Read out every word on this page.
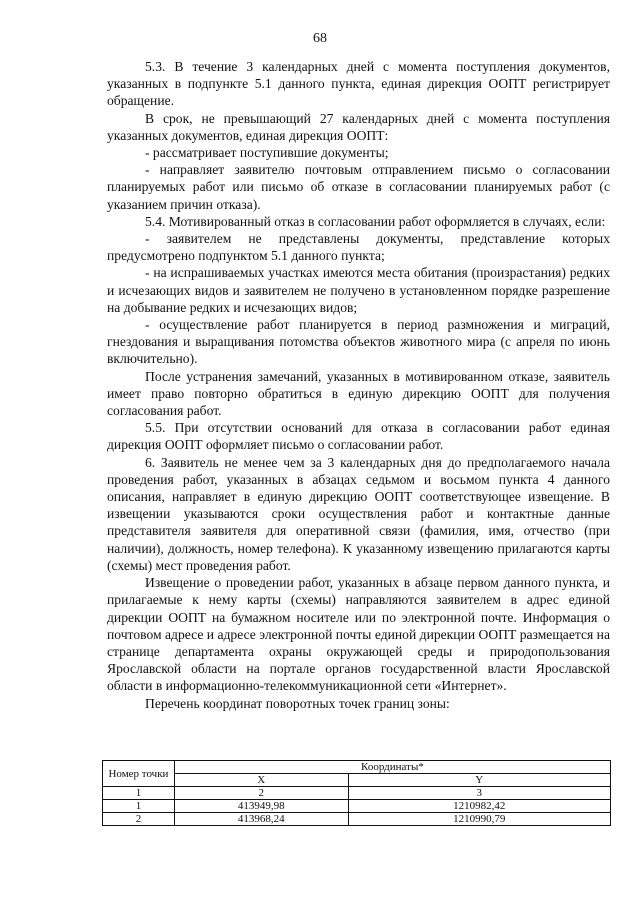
68

5.3. В течение 3 календарных дней с момента поступления документов, указанных в подпункте 5.1 данного пункта, единая дирекция ООПТ регистрирует обращение.

В срок, не превышающий 27 календарных дней с момента поступления указанных документов, единая дирекция ООПТ:

- рассматривает поступившие документы;

- направляет заявителю почтовым отправлением письмо о согласовании планируемых работ или письмо об отказе в согласовании планируемых работ (с указанием причин отказа).

5.4. Мотивированный отказ в согласовании работ оформляется в случаях, если:

- заявителем не представлены документы, представление которых предусмотрено подпунктом 5.1 данного пункта;

- на испрашиваемых участках имеются места обитания (произрастания) редких и исчезающих видов и заявителем не получено в установленном порядке разрешение на добывание редких и исчезающих видов;

- осуществление работ планируется в период размножения и миграций, гнездования и выращивания потомства объектов животного мира (с апреля по июнь включительно).

После устранения замечаний, указанных в мотивированном отказе, заявитель имеет право повторно обратиться в единую дирекцию ООПТ для получения согласования работ.

5.5. При отсутствии оснований для отказа в согласовании работ единая дирекция ООПТ оформляет письмо о согласовании работ.

6. Заявитель не менее чем за 3 календарных дня до предполагаемого начала проведения работ, указанных в абзацах седьмом и восьмом пункта 4 данного описания, направляет в единую дирекцию ООПТ соответствующее извещение. В извещении указываются сроки осуществления работ и контактные данные представителя заявителя для оперативной связи (фамилия, имя, отчество (при наличии), должность, номер телефона). К указанному извещению прилагаются карты (схемы) мест проведения работ.

Извещение о проведении работ, указанных в абзаце первом данного пункта, и прилагаемые к нему карты (схемы) направляются заявителем в адрес единой дирекции ООПТ на бумажном носителе или по электронной почте. Информация о почтовом адресе и адресе электронной почты единой дирекции ООПТ размещается на странице департамента охраны окружающей среды и природопользования Ярославской области на портале органов государственной власти Ярославской области в информационно-телекоммуникационной сети «Интернет».

Перечень координат поворотных точек границ зоны:

Номер точки	Координаты*	
	X	Y
1	2	3
1	413949,98	1210982,42
2	413968,24	1210990,79
